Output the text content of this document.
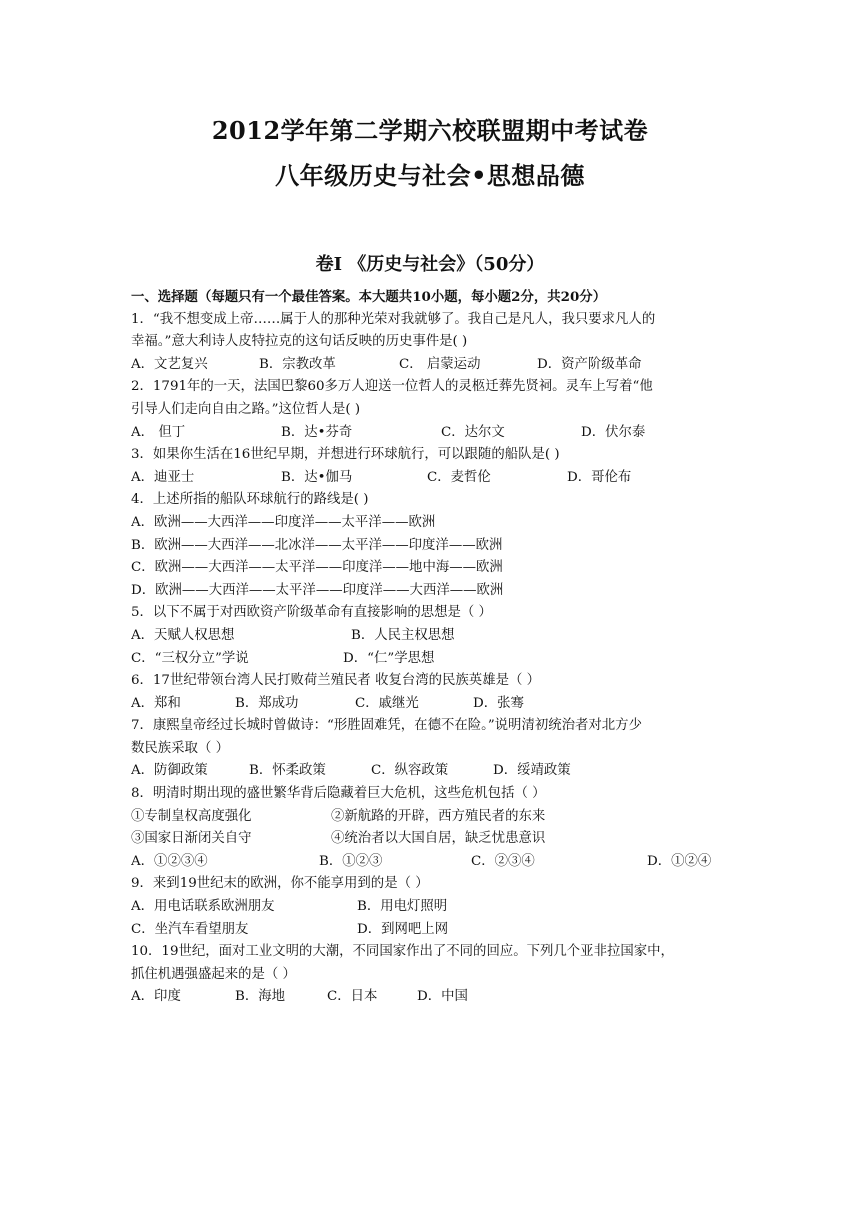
2012学年第二学期六校联盟期中考试卷
八年级历史与社会•思想品德
卷Ⅰ 《历史与社会》（50分）
一、选择题（每题只有一个最佳答案。本大题共10小题，每小题2分，共20分）
1．“我不想变成上帝……属于人的那种光荣对我就够了。我自己是凡人，我只要求凡人的
幸福。”意大利诗人皮特拉克的这句话反映的历史事件是( )
A．文艺复兴	B．宗教改革	C． 启蒙运动	D．资产阶级革命
2．1791年的一天，法国巴黎60多万人迎送一位哲人的灵柩迁葬先贤祠。灵车上写着“他
引导人们走向自由之路。”这位哲人是( )
A． 但丁	B．达•芬奇	C．达尔文	D．伏尔泰
3．如果你生活在16世纪早期，并想进行环球航行，可以跟随的船队是( )
A．迪亚士	B．达•伽马	C．麦哲伦	D．哥伦布
4．上述所指的船队环球航行的路线是( )
A．欧洲——大西洋——印度洋——太平洋——欧洲
B．欧洲——大西洋——北冰洋——太平洋——印度洋——欧洲
C．欧洲——大西洋——太平洋——印度洋——地中海——欧洲
D．欧洲——大西洋——太平洋——印度洋——大西洋——欧洲
5．以下不属于对西欧资产阶级革命有直接影响的思想是（ ）
A．天赋人权思想	B．人民主权思想
C．“三权分立”学说	D．“仁”学思想
6．17世纪带领台湾人民打败荷兰殖民者 收复台湾的民族英雄是（ ）
A．郑和	B．郑成功	C．戚继光	D．张骞
7．康熙皇帝经过长城时曾做诗：“形胜固难凭，在德不在险。”说明清初统治者对北方少
数民族采取（ ）
A．防御政策	B．怀柔政策	C．纵容政策	D．绥靖政策
8．明清时期出现的盛世繁华背后隐藏着巨大危机，这些危机包括（ ）
①专制皇权高度强化	②新航路的开辟，西方殖民者的东来
③国家日渐闭关自守	④统治者以大国自居，缺乏忧患意识
A．①②③④	B．①②③	C．②③④	D．①②④
9．来到19世纪末的欧洲，你不能享用到的是（ ）
A．用电话联系欧洲朋友	B．用电灯照明
C．坐汽车看望朋友	D．到网吧上网
10．19世纪，面对工业文明的大潮，不同国家作出了不同的回应。下列几个亚非拉国家中，
抓住机遇强盛起来的是（ ）
A．印度	B．海地	C．日本	D．中国
